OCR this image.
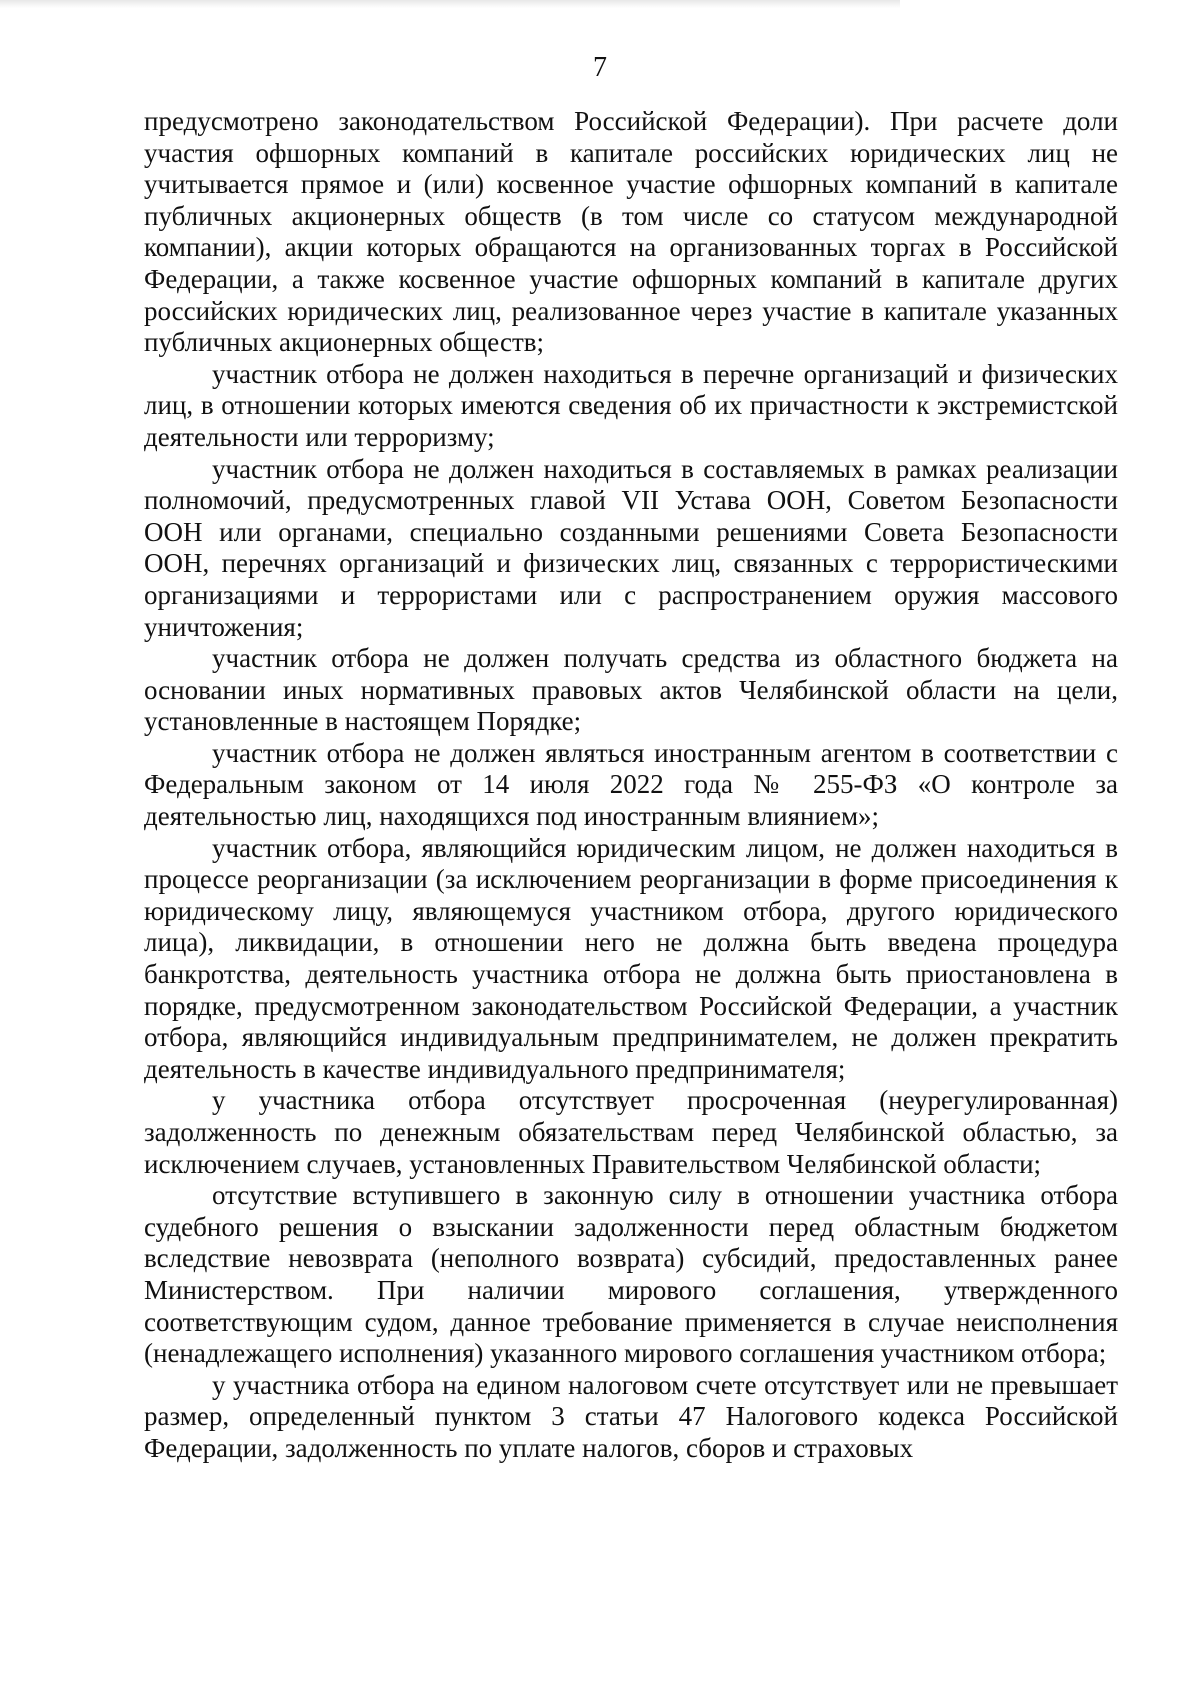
7

предусмотрено законодательством Российской Федерации). При расчете доли участия офшорных компаний в капитале российских юридических лиц не учитывается прямое и (или) косвенное участие офшорных компаний в капитале публичных акционерных обществ (в том числе со статусом международной компании), акции которых обращаются на организованных торгах в Российской Федерации, а также косвенное участие офшорных компаний в капитале других российских юридических лиц, реализованное через участие в капитале указанных публичных акционерных обществ;

участник отбора не должен находиться в перечне организаций и физических лиц, в отношении которых имеются сведения об их причастности к экстремистской деятельности или терроризму;

участник отбора не должен находиться в составляемых в рамках реализации полномочий, предусмотренных главой VII Устава ООН, Советом Безопасности ООН или органами, специально созданными решениями Совета Безопасности ООН, перечнях организаций и физических лиц, связанных с террористическими организациями и террористами или с распространением оружия массового уничтожения;

участник отбора не должен получать средства из областного бюджета на основании иных нормативных правовых актов Челябинской области на цели, установленные в настоящем Порядке;

участник отбора не должен являться иностранным агентом в соответствии с Федеральным законом от 14 июля 2022 года № 255-ФЗ «О контроле за деятельностью лиц, находящихся под иностранным влиянием»;

участник отбора, являющийся юридическим лицом, не должен находиться в процессе реорганизации (за исключением реорганизации в форме присоединения к юридическому лицу, являющемуся участником отбора, другого юридического лица), ликвидации, в отношении него не должна быть введена процедура банкротства, деятельность участника отбора не должна быть приостановлена в порядке, предусмотренном законодательством Российской Федерации, а участник отбора, являющийся индивидуальным предпринимателем, не должен прекратить деятельность в качестве индивидуального предпринимателя;

у участника отбора отсутствует просроченная (неурегулированная) задолженность по денежным обязательствам перед Челябинской областью, за исключением случаев, установленных Правительством Челябинской области;

отсутствие вступившего в законную силу в отношении участника отбора судебного решения о взыскании задолженности перед областным бюджетом вследствие невозврата (неполного возврата) субсидий, предоставленных ранее Министерством. При наличии мирового соглашения, утвержденного соответствующим судом, данное требование применяется в случае неисполнения (ненадлежащего исполнения) указанного мирового соглашения участником отбора;

у участника отбора на едином налоговом счете отсутствует или не превышает размер, определенный пунктом 3 статьи 47 Налогового кодекса Российской Федерации, задолженность по уплате налогов, сборов и страховых
